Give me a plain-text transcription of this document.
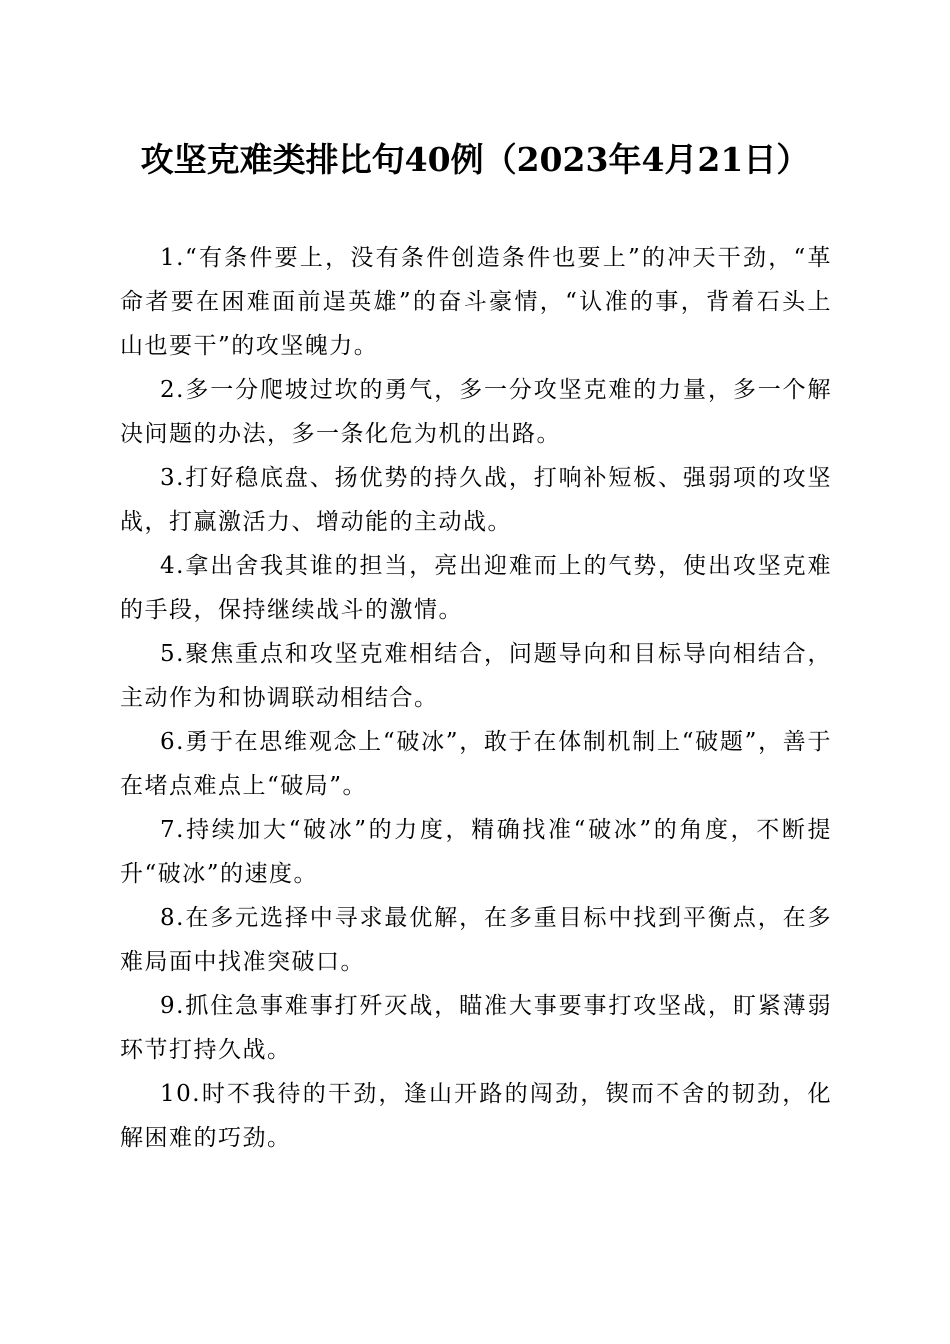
攻坚克难类排比句40例（2023年4月21日）
1.“有条件要上，没有条件创造条件也要上”的冲天干劲，“革命者要在困难面前逞英雄”的奋斗豪情，“认准的事，背着石头上山也要干”的攻坚魄力。
2.多一分爬坡过坎的勇气，多一分攻坚克难的力量，多一个解决问题的办法，多一条化危为机的出路。
3.打好稳底盘、扬优势的持久战，打响补短板、强弱项的攻坚战，打赢激活力、增动能的主动战。
4.拿出舍我其谁的担当，亮出迎难而上的气势，使出攻坚克难的手段，保持继续战斗的激情。
5.聚焦重点和攻坚克难相结合，问题导向和目标导向相结合，主动作为和协调联动相结合。
6.勇于在思维观念上“破冰”，敢于在体制机制上“破题”，善于在堵点难点上“破局”。
7.持续加大“破冰”的力度，精确找准“破冰”的角度，不断提升“破冰”的速度。
8.在多元选择中寻求最优解，在多重目标中找到平衡点，在多难局面中找准突破口。
9.抓住急事难事打歼灭战，瞄准大事要事打攻坚战，盯紧薄弱环节打持久战。
10.时不我待的干劲，逢山开路的闯劲，锲而不舍的韧劲，化解困难的巧劲。
